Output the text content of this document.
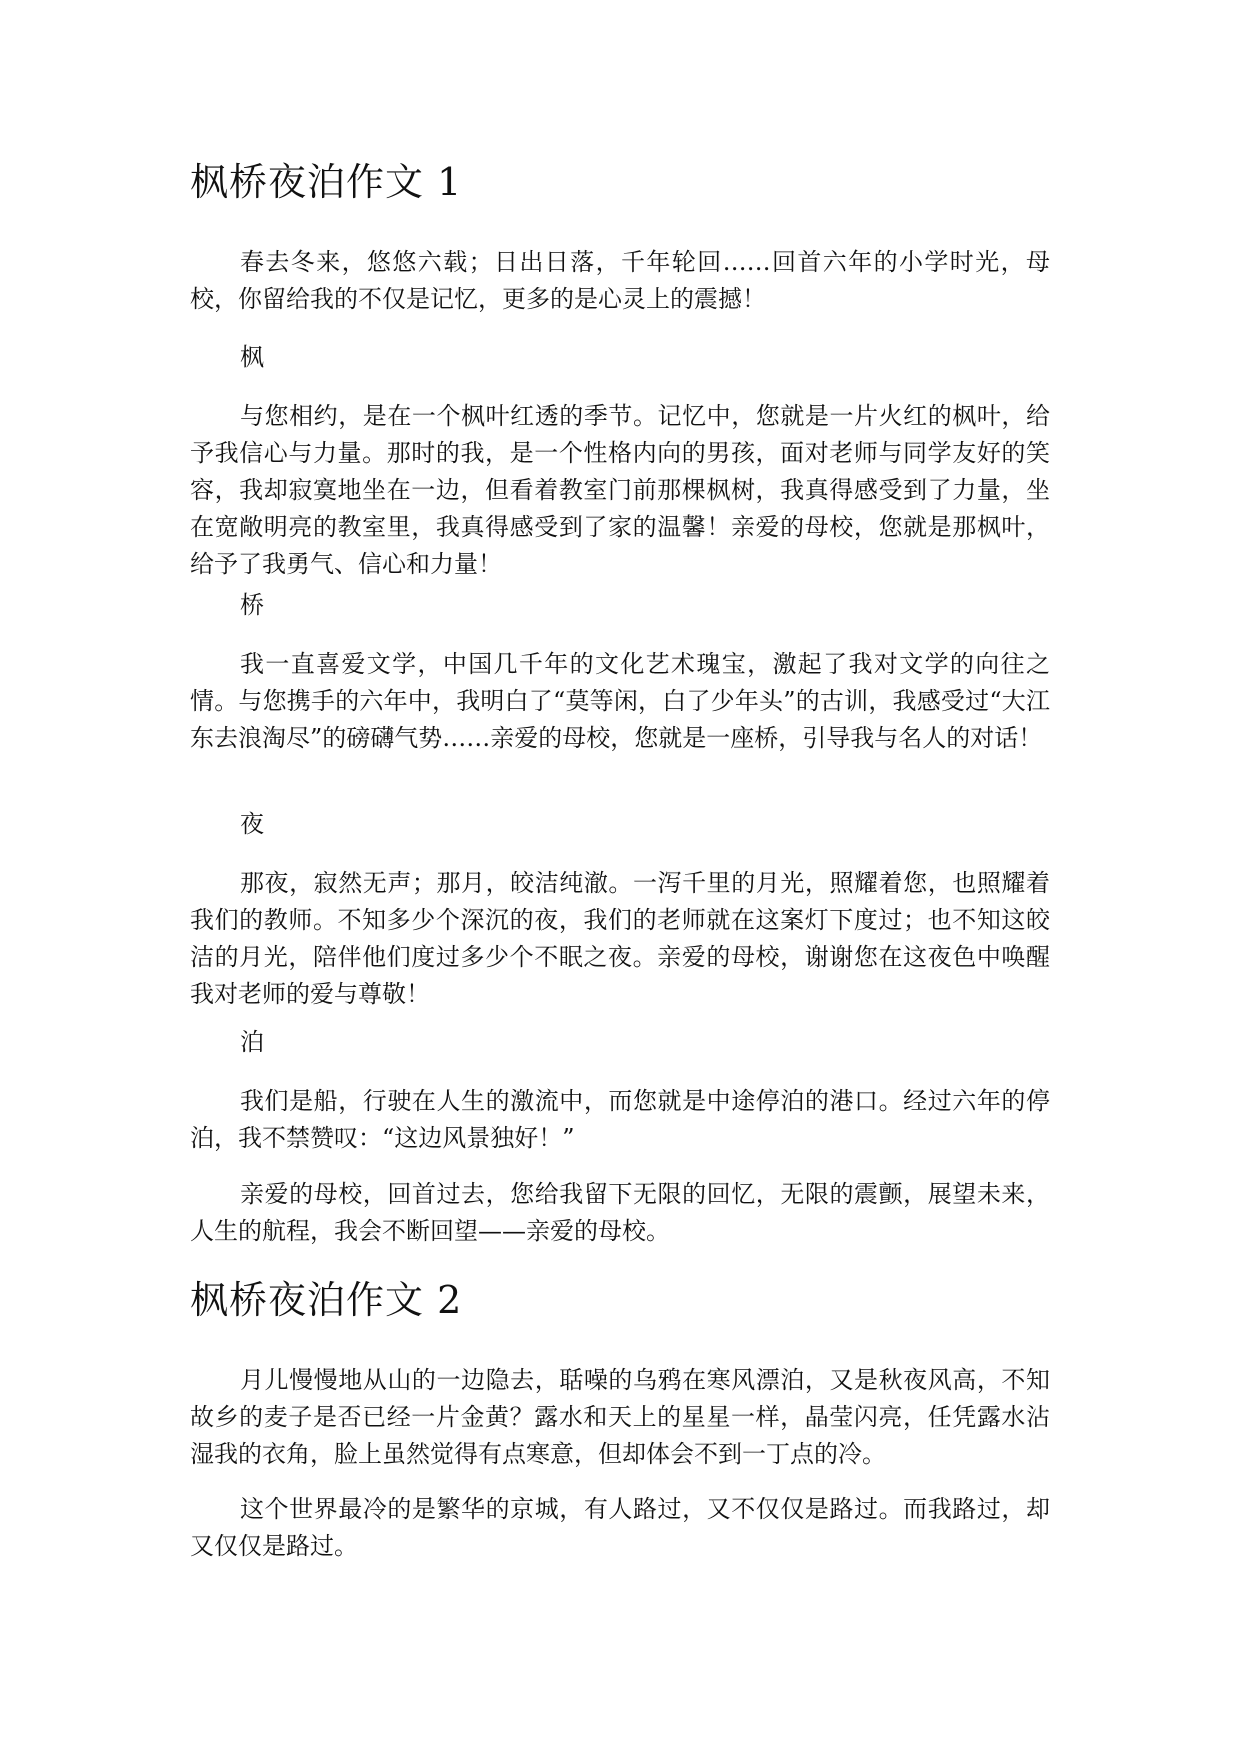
枫桥夜泊作文 1

春去冬来，悠悠六载；日出日落，千年轮回……回首六年的小学时光，母校，你留给我的不仅是记忆，更多的是心灵上的震撼！

枫

与您相约，是在一个枫叶红透的季节。记忆中，您就是一片火红的枫叶，给予我信心与力量。那时的我，是一个性格内向的男孩，面对老师与同学友好的笑容，我却寂寞地坐在一边，但看着教室门前那棵枫树，我真得感受到了力量，坐在宽敞明亮的教室里，我真得感受到了家的温馨！亲爱的母校，您就是那枫叶，给予了我勇气、信心和力量！

桥

我一直喜爱文学，中国几千年的文化艺术瑰宝，激起了我对文学的向往之情。与您携手的六年中，我明白了“莫等闲，白了少年头”的古训，我感受过“大江东去浪淘尽”的磅礴气势……亲爱的母校，您就是一座桥，引导我与名人的对话！

夜

那夜，寂然无声；那月，皎洁纯澈。一泻千里的月光，照耀着您，也照耀着我们的教师。不知多少个深沉的夜，我们的老师就在这案灯下度过；也不知这皎洁的月光，陪伴他们度过多少个不眠之夜。亲爱的母校，谢谢您在这夜色中唤醒我对老师的爱与尊敬！

泊

我们是船，行驶在人生的激流中，而您就是中途停泊的港口。经过六年的停泊，我不禁赞叹：“这边风景独好！”

亲爱的母校，回首过去，您给我留下无限的回忆，无限的震颤，展望未来，人生的航程，我会不断回望——亲爱的母校。

枫桥夜泊作文 2

月儿慢慢地从山的一边隐去，聒噪的乌鸦在寒风漂泊，又是秋夜风高，不知故乡的麦子是否已经一片金黄？露水和天上的星星一样，晶莹闪亮，任凭露水沾湿我的衣角，脸上虽然觉得有点寒意，但却体会不到一丁点的冷。

这个世界最冷的是繁华的京城，有人路过，又不仅仅是路过。而我路过，却又仅仅是路过。
